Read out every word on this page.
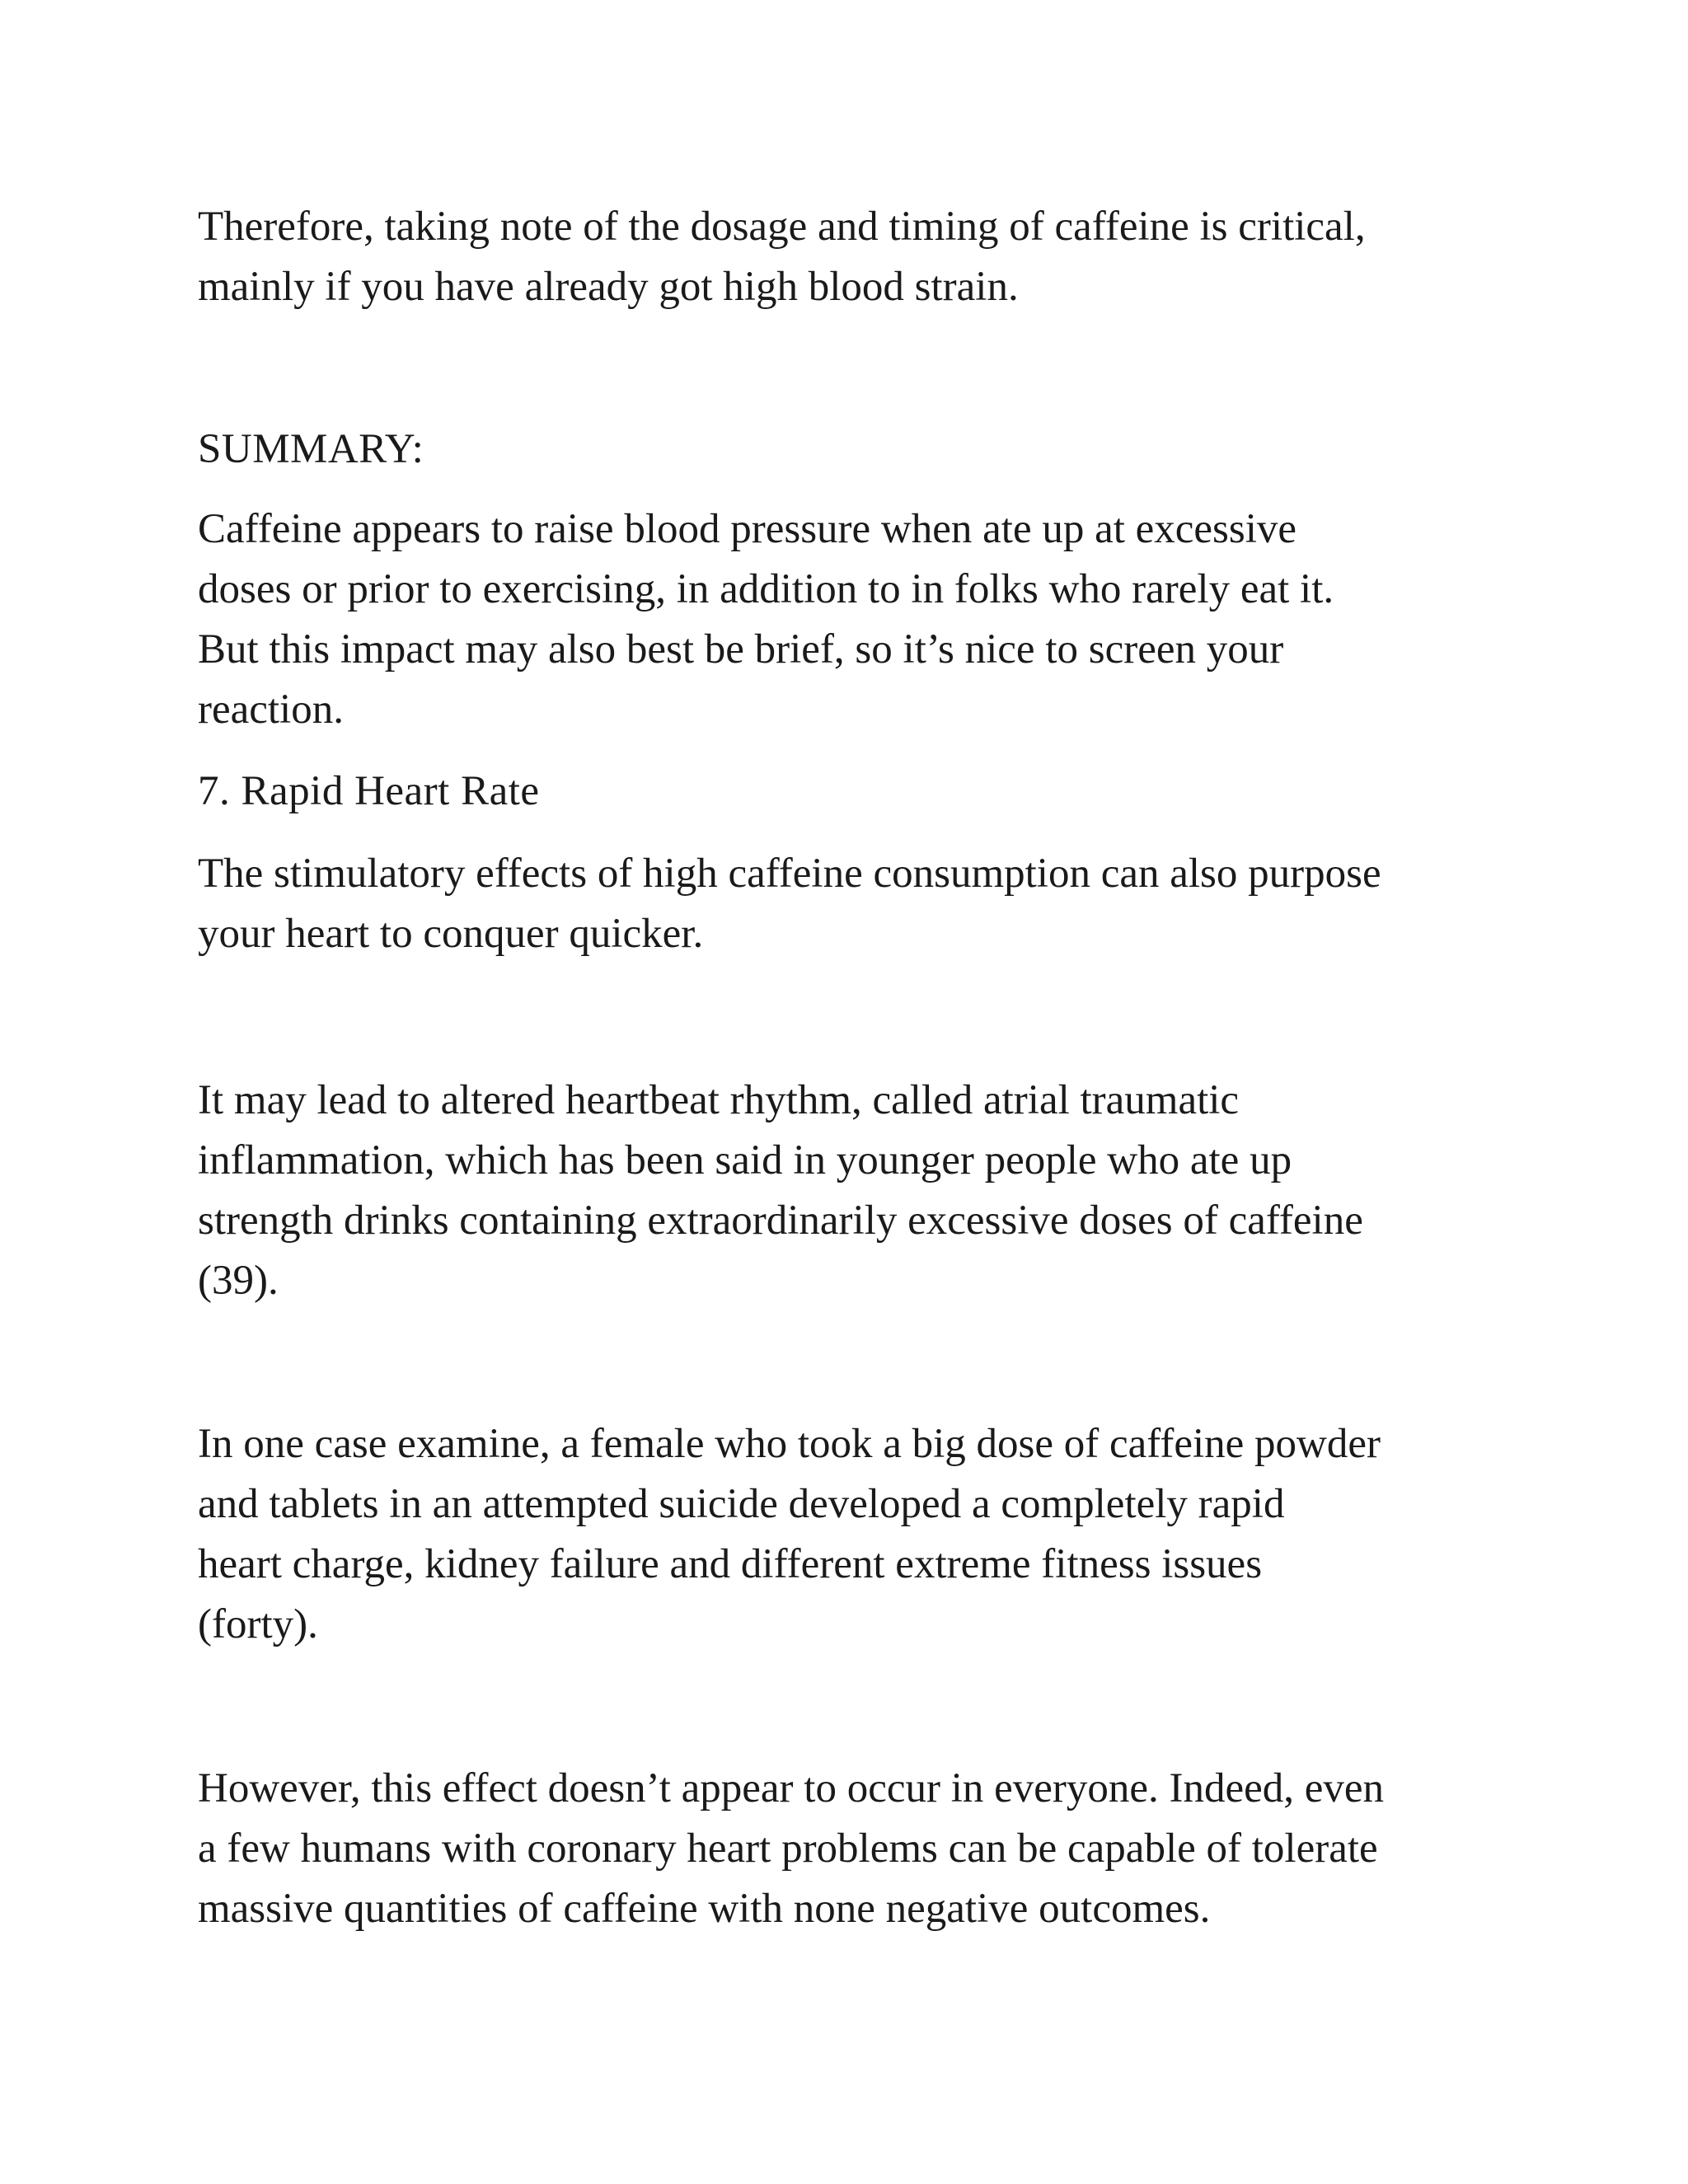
Therefore, taking note of the dosage and timing of caffeine is critical,

mainly if you have already got high blood strain.

SUMMARY:

Caffeine appears to raise blood pressure when ate up at excessive

doses or prior to exercising, in addition to in folks who rarely eat it.

But this impact may also best be brief, so it’s nice to screen your

reaction.

7. Rapid Heart Rate

The stimulatory effects of high caffeine consumption can also purpose

your heart to conquer quicker.

It may lead to altered heartbeat rhythm, called atrial traumatic

inflammation, which has been said in younger people who ate up

strength drinks containing extraordinarily excessive doses of caffeine

(39).

In one case examine, a female who took a big dose of caffeine powder

and tablets in an attempted suicide developed a completely rapid

heart charge, kidney failure and different extreme fitness issues

(forty).

However, this effect doesn’t appear to occur in everyone. Indeed, even

a few humans with coronary heart problems can be capable of tolerate

massive quantities of caffeine with none negative outcomes.
